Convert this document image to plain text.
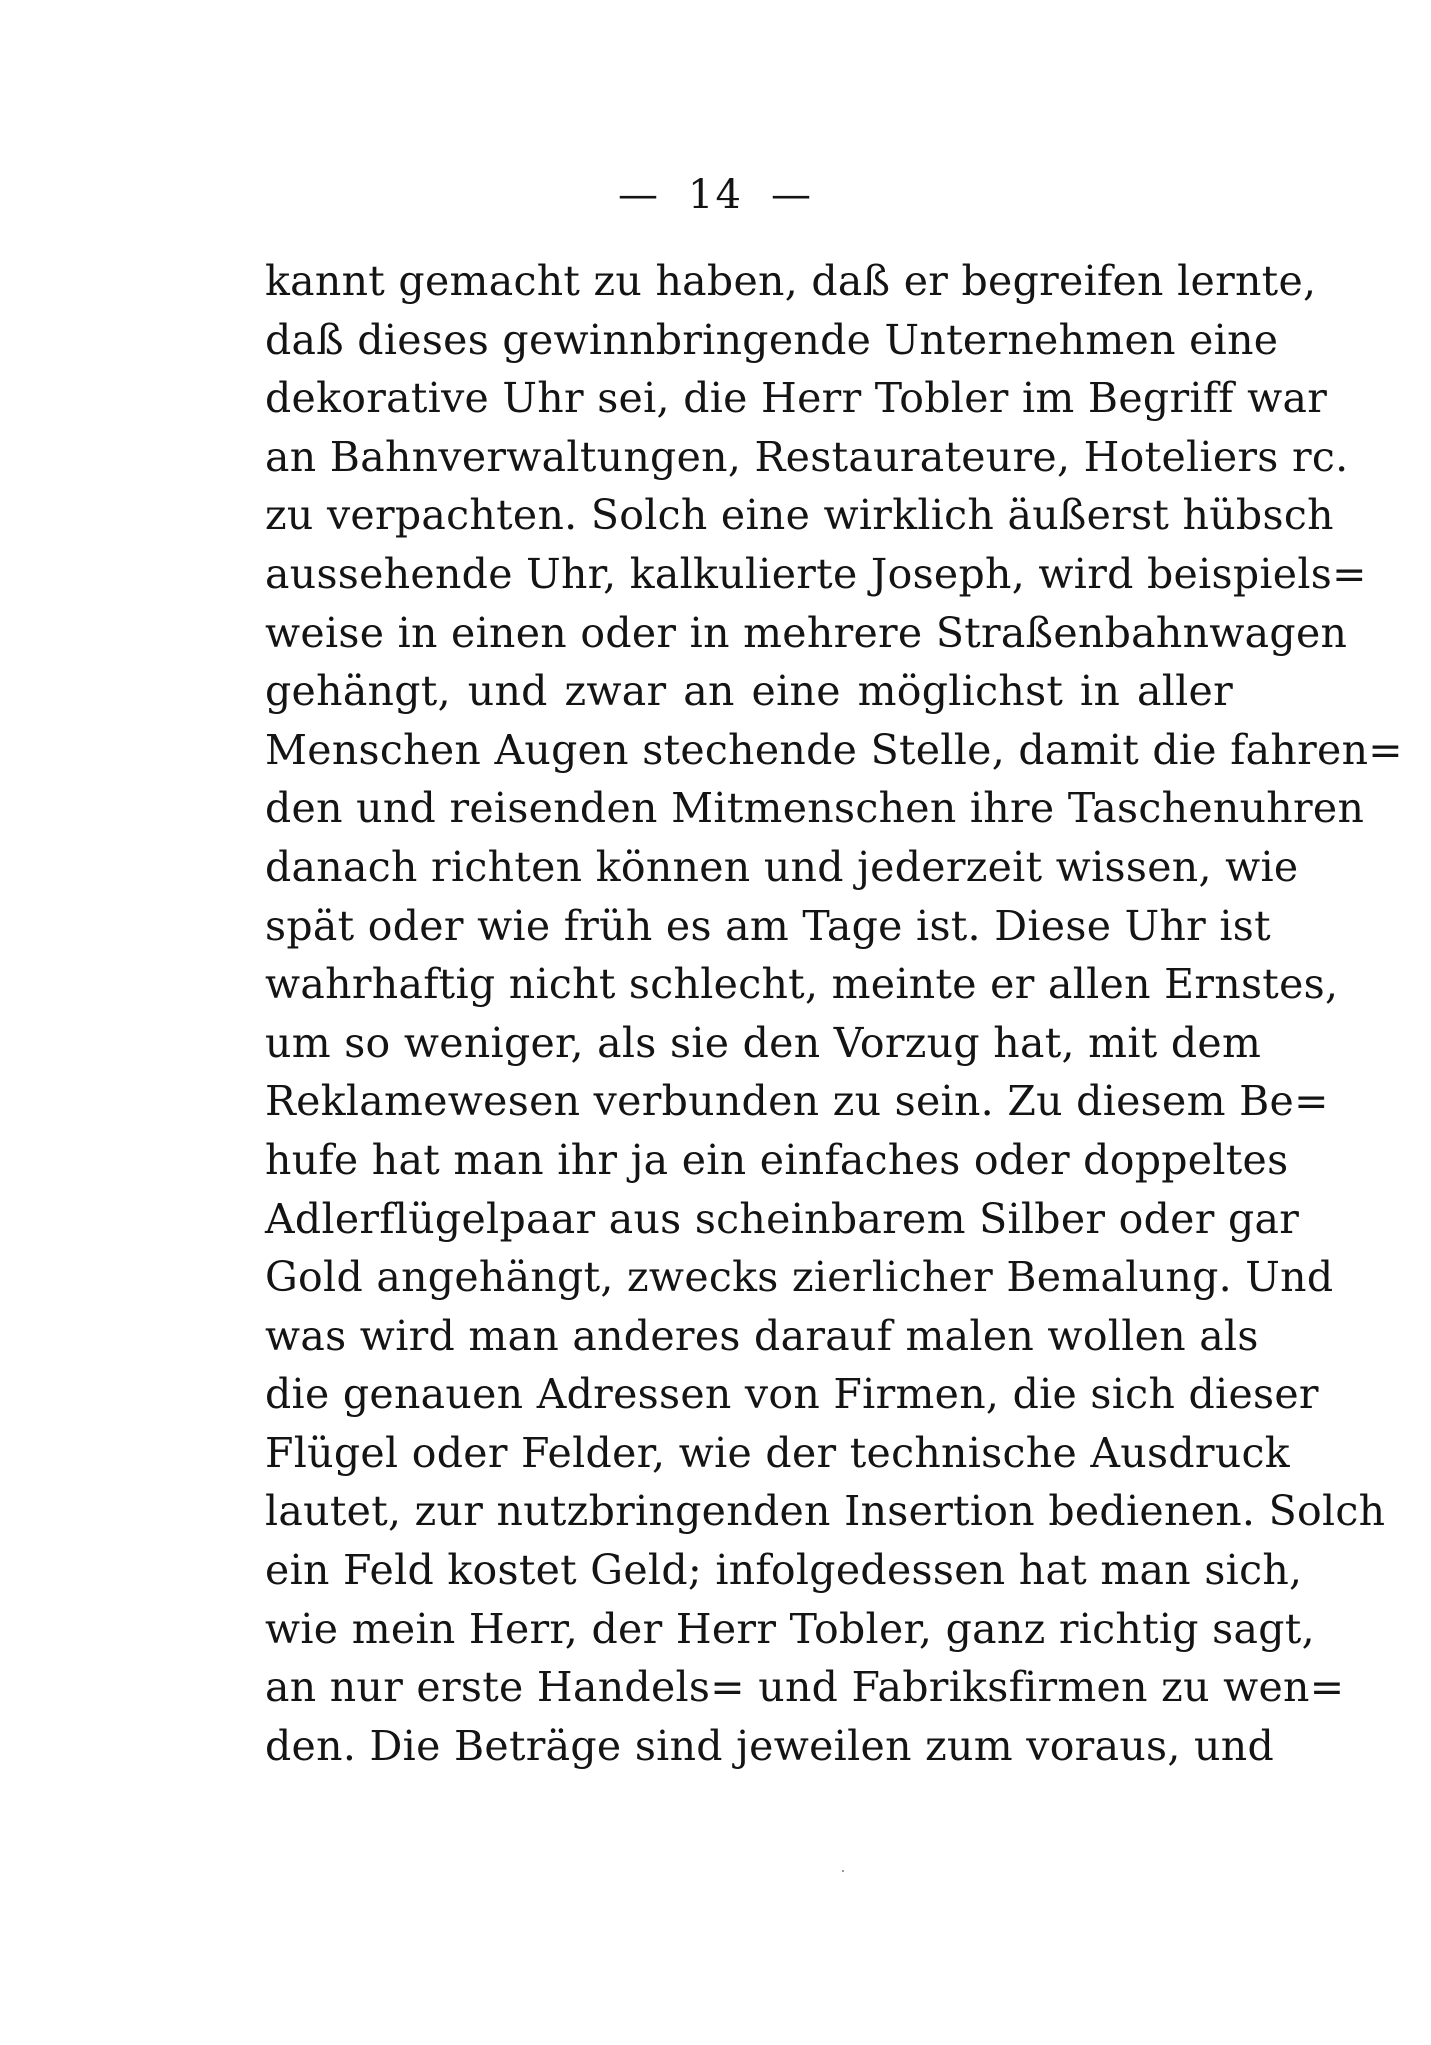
— 14 —
kannt gemacht zu haben, daß er begreifen lernte,
daß dieses gewinnbringende Unternehmen eine
dekorative Uhr sei, die Herr Tobler im Begriff war
an Bahnverwaltungen, Restaurateure, Hoteliers rc.
zu verpachten. Solch eine wirklich äußerst hübsch
aussehende Uhr, kalkulierte Joseph, wird beispiels=
weise in einen oder in mehrere Straßenbahnwagen
gehängt, und zwar an eine möglichst in aller
Menschen Augen stechende Stelle, damit die fahren=
den und reisenden Mitmenschen ihre Taschenuhren
danach richten können und jederzeit wissen, wie
spät oder wie früh es am Tage ist. Diese Uhr ist
wahrhaftig nicht schlecht, meinte er allen Ernstes,
um so weniger, als sie den Vorzug hat, mit dem
Reklamewesen verbunden zu sein. Zu diesem Be=
hufe hat man ihr ja ein einfaches oder doppeltes
Adlerflügelpaar aus scheinbarem Silber oder gar
Gold angehängt, zwecks zierlicher Bemalung. Und
was wird man anderes darauf malen wollen als
die genauen Adressen von Firmen, die sich dieser
Flügel oder Felder, wie der technische Ausdruck
lautet, zur nutzbringenden Insertion bedienen. Solch
ein Feld kostet Geld; infolgedessen hat man sich,
wie mein Herr, der Herr Tobler, ganz richtig sagt,
an nur erste Handels= und Fabriksfirmen zu wen=
den. Die Beträge sind jeweilen zum voraus, und
